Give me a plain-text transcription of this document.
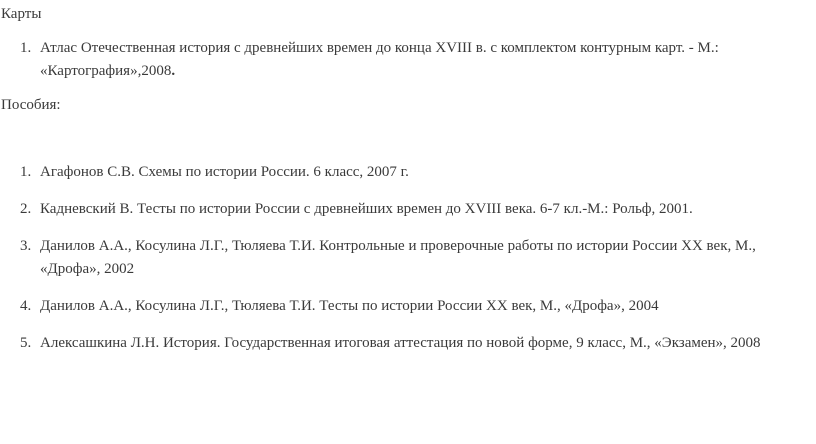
Карты

1. Атлас Отечественная история с древнейших времен до конца XVIII в. с комплектом контурным карт. - М.: «Картография»,2008.

Пособия:

1. Агафонов С.В. Схемы по истории России. 6 класс, 2007 г.
2. Кадневский В. Тесты по истории России с древнейших времен до XVIII века. 6-7 кл.-М.: Рольф, 2001.
3. Данилов А.А., Косулина Л.Г., Тюляева Т.И. Контрольные и проверочные работы по истории России XX век, М., «Дрофа», 2002
4. Данилов А.А., Косулина Л.Г., Тюляева Т.И. Тесты по истории России XX век, М., «Дрофа», 2004
5. Алексашкина Л.Н. История. Государственная итоговая аттестация по новой форме, 9 класс, М., «Экзамен», 2008
